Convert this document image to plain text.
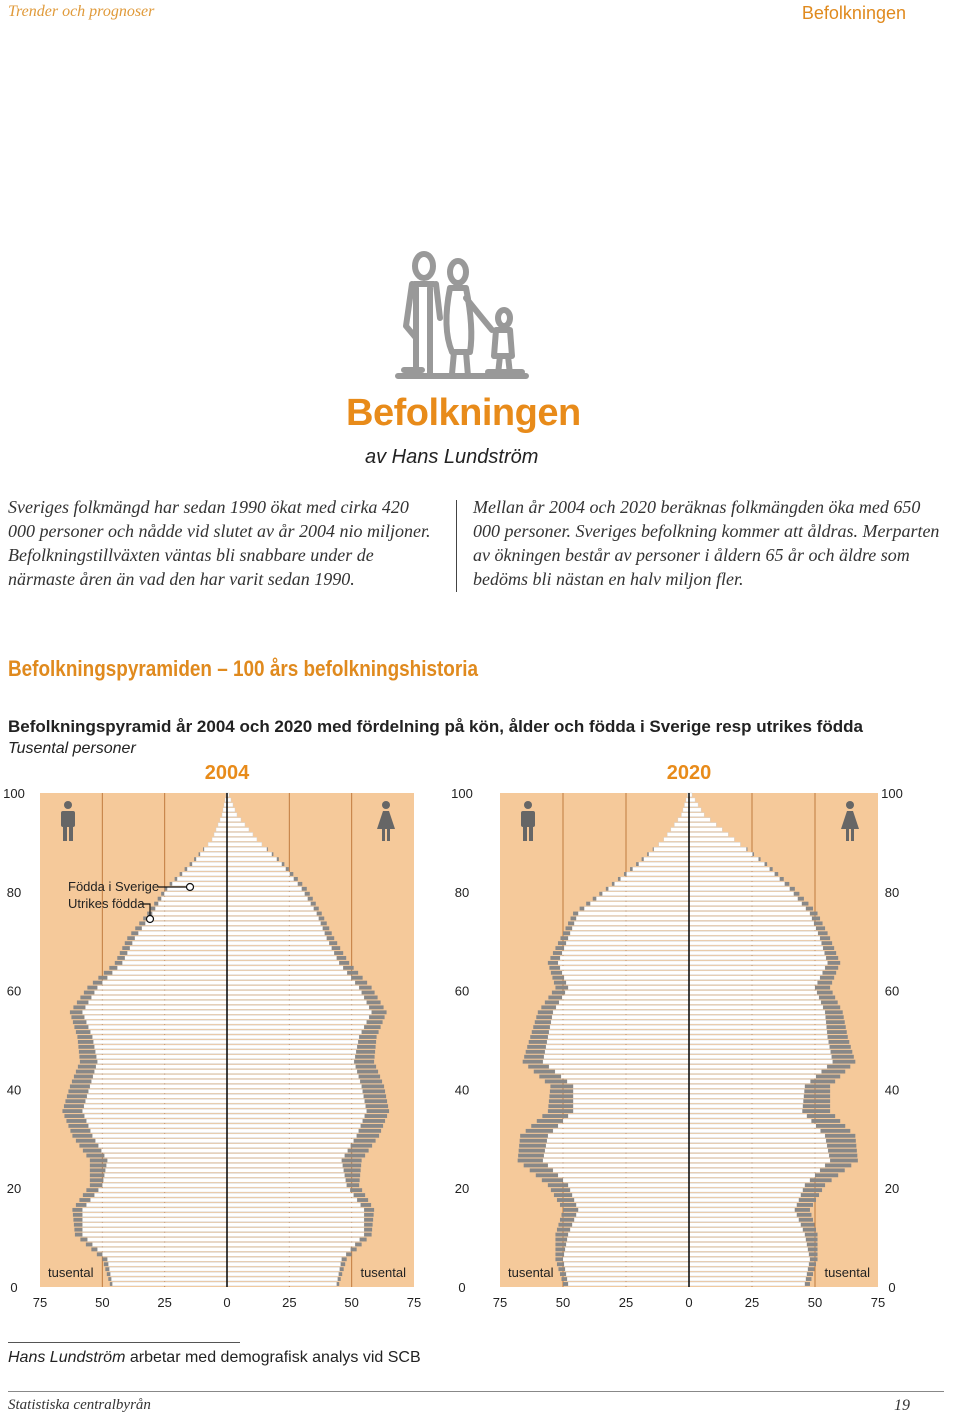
Trender och prognoser	Befolkningen
Befolkningen
av Hans Lundström
Sveriges folkmängd har sedan 1990 ökat med cirka 420 000 personer och nådde vid slutet av år 2004 nio miljoner. Befolkningstillväxten väntas bli snabbare under de närmaste åren än vad den har varit sedan 1990.
Mellan år 2004 och 2020 beräknas folkmängden öka med 650 000 personer. Sveriges befolkning kommer att åldras. Merparten av ökningen består av personer i åldern 65 år och äldre som bedöms bli nästan en halv miljon fler.
Befolkningspyramiden – 100 års befolkningshistoria
Befolkningspyramid år 2004 och 2020 med fördelning på kön, ålder och födda i Sverige resp utrikes födda
Tusental personer
2004
0
20
40
60
80
100
75	50	25	0	25	50	75
tusental	tusental
Födda i Sverige
Utrikes födda
2020
0	0
20	20
40	40
60	60
80	80
100	100
75	50	25	0	25	50	75
tusental	tusental
Hans Lundström arbetar med demografisk analys vid SCB
Statistiska centralbyrån	19
